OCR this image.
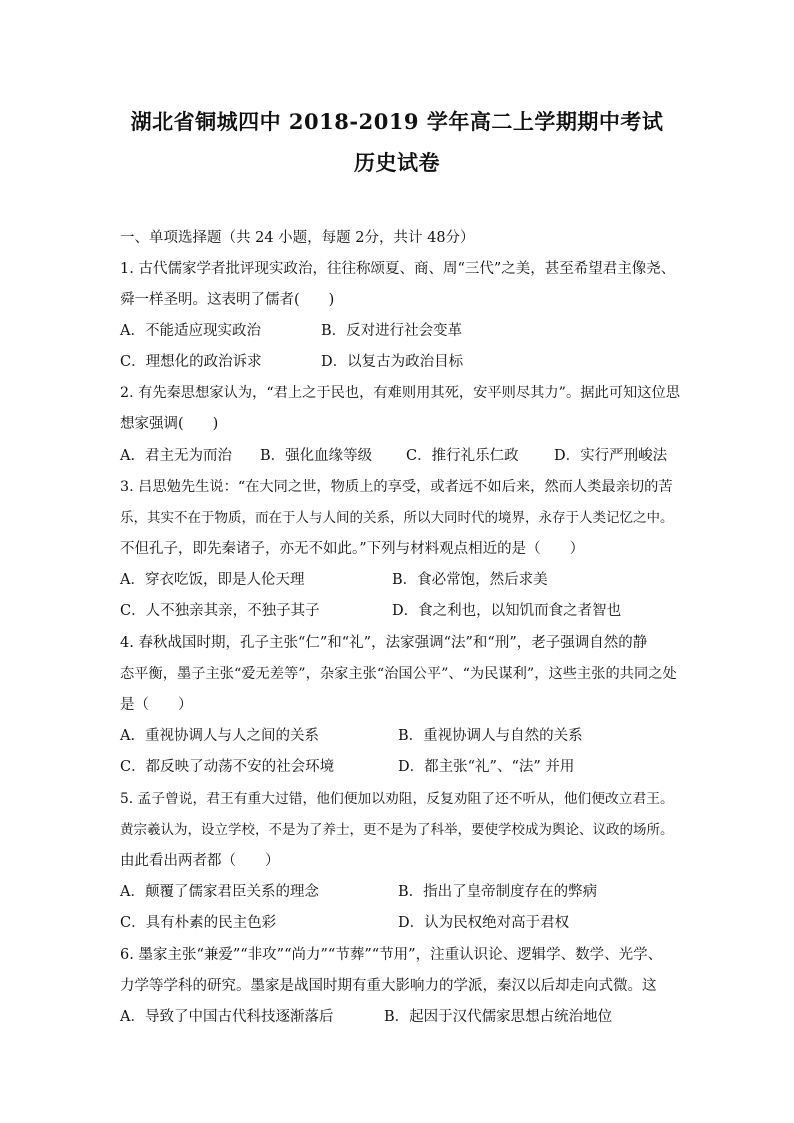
湖北省铜城四中 2018-2019 学年高二上学期期中考试
历史试卷
一、单项选择题（共 24 小题，每题 2分，共计 48分）
1. 古代儒家学者批评现实政治，往往称颂夏、商、周“三代”之美，甚至希望君主像尧、
舜一样圣明。这表明了儒者(　　)
A．不能适应现实政治	B．反对进行社会变革
C．理想化的政治诉求	D．以复古为政治目标
2. 有先秦思想家认为，“君上之于民也，有难则用其死，安平则尽其力”。据此可知这位思
想家强调(　　)
A．君主无为而治 B．强化血缘等级 C．推行礼乐仁政 D．实行严刑峻法
3. 吕思勉先生说：“在大同之世，物质上的享受，或者远不如后来，然而人类最亲切的苦
乐，其实不在于物质，而在于人与人间的关系，所以大同时代的境界，永存于人类记忆之中。
不但孔子，即先秦诸子，亦无不如此。”下列与材料观点相近的是（　　）
A．穿衣吃饭，即是人伦天理	B．食必常饱，然后求美
C．人不独亲其亲，不独子其子	D．食之利也，以知饥而食之者智也
4. 春秋战国时期，孔子主张“仁”和“礼”，法家强调“法”和“刑”，老子强调自然的静
态平衡，墨子主张“爱无差等”，杂家主张“治国公平”、“为民谋利”，这些主张的共同之处
是（　　）
A．重视协调人与人之间的关系	B．重视协调人与自然的关系
C．都反映了动荡不安的社会环境	D．都主张“礼”、“法” 并用
5. 孟子曾说，君王有重大过错，他们便加以劝阻，反复劝阻了还不听从，他们便改立君王。
黄宗羲认为，设立学校，不是为了养士，更不是为了科举，要使学校成为舆论、议政的场所。
由此看出两者都（　　）
A．颠覆了儒家君臣关系的理念	B．指出了皇帝制度存在的弊病
C．具有朴素的民主色彩	D．认为民权绝对高于君权
6. 墨家主张“兼爱”“非攻”“尚力”“节葬”“节用”，注重认识论、逻辑学、数学、光学、
力学等学科的研究。墨家是战国时期有重大影响力的学派，秦汉以后却走向式微。这
A．导致了中国古代科技逐渐落后	B．起因于汉代儒家思想占统治地位
